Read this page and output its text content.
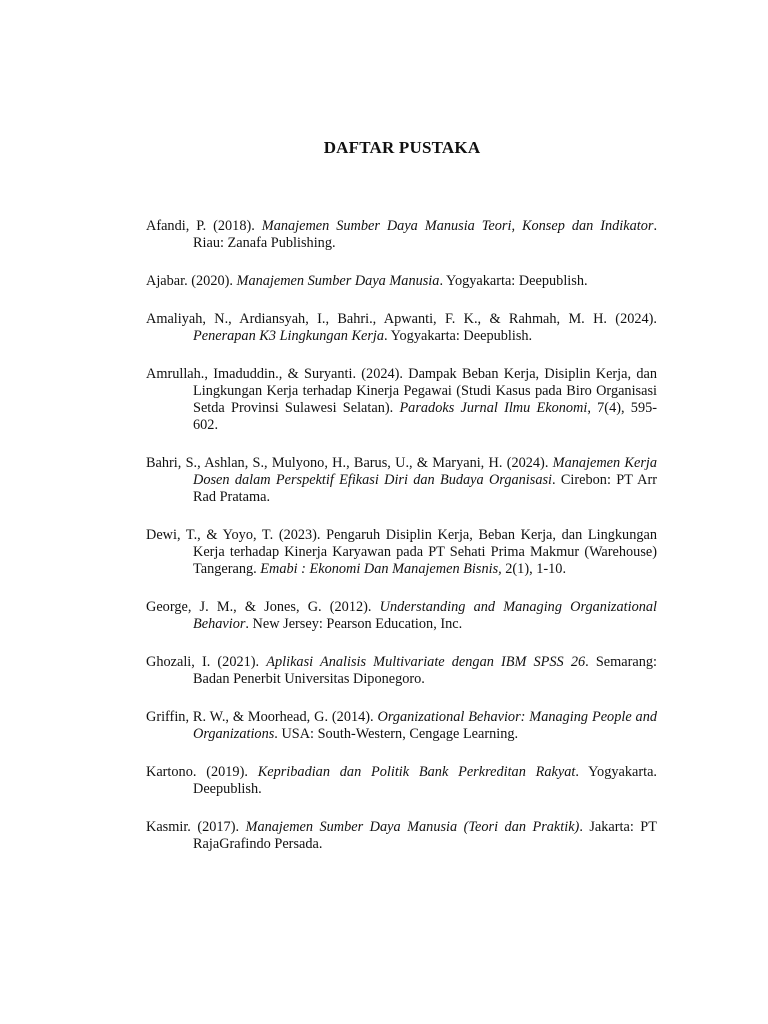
DAFTAR PUSTAKA
Afandi, P. (2018). Manajemen Sumber Daya Manusia Teori, Konsep dan Indikator. Riau: Zanafa Publishing.
Ajabar. (2020). Manajemen Sumber Daya Manusia. Yogyakarta: Deepublish.
Amaliyah, N., Ardiansyah, I., Bahri., Apwanti, F. K., & Rahmah, M. H. (2024). Penerapan K3 Lingkungan Kerja. Yogyakarta: Deepublish.
Amrullah., Imaduddin., & Suryanti. (2024). Dampak Beban Kerja, Disiplin Kerja, dan Lingkungan Kerja terhadap Kinerja Pegawai (Studi Kasus pada Biro Organisasi Setda Provinsi Sulawesi Selatan). Paradoks Jurnal Ilmu Ekonomi, 7(4), 595-602.
Bahri, S., Ashlan, S., Mulyono, H., Barus, U., & Maryani, H. (2024). Manajemen Kerja Dosen dalam Perspektif Efikasi Diri dan Budaya Organisasi. Cirebon: PT Arr Rad Pratama.
Dewi, T., & Yoyo, T. (2023). Pengaruh Disiplin Kerja, Beban Kerja, dan Lingkungan Kerja terhadap Kinerja Karyawan pada PT Sehati Prima Makmur (Warehouse) Tangerang. Emabi : Ekonomi Dan Manajemen Bisnis, 2(1), 1-10.
George, J. M., & Jones, G. (2012). Understanding and Managing Organizational Behavior. New Jersey: Pearson Education, Inc.
Ghozali, I. (2021). Aplikasi Analisis Multivariate dengan IBM SPSS 26. Semarang: Badan Penerbit Universitas Diponegoro.
Griffin, R. W., & Moorhead, G. (2014). Organizational Behavior: Managing People and Organizations. USA: South-Western, Cengage Learning.
Kartono. (2019). Kepribadian dan Politik Bank Perkreditan Rakyat. Yogyakarta. Deepublish.
Kasmir. (2017). Manajemen Sumber Daya Manusia (Teori dan Praktik). Jakarta: PT RajaGrafindo Persada.
